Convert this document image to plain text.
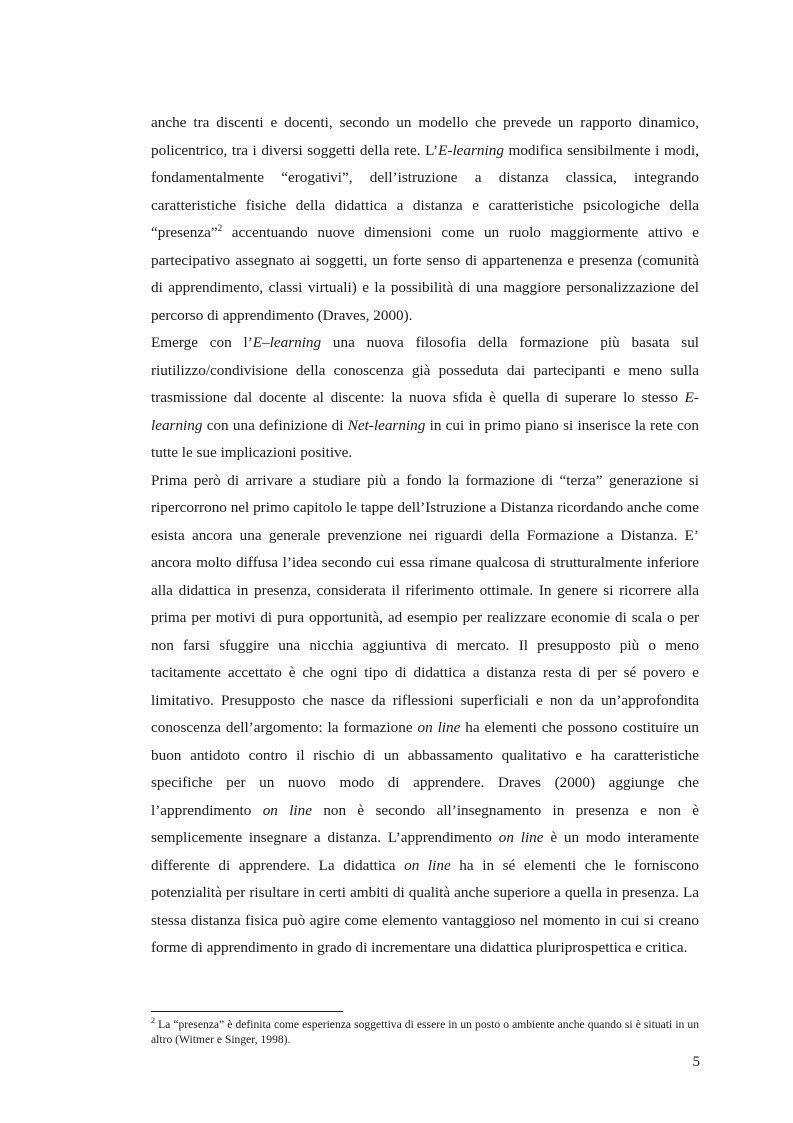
anche tra discenti e docenti, secondo un modello che prevede un rapporto dinamico, policentrico, tra i diversi soggetti della rete. L’E-learning modifica sensibilmente i modi, fondamentalmente “erogativi”, dell’istruzione a distanza classica, integrando caratteristiche fisiche della didattica a distanza e caratteristiche psicologiche della “presenza”$^2$ accentuando nuove dimensioni come un ruolo maggiormente attivo e partecipativo assegnato ai soggetti, un forte senso di appartenenza e presenza (comunità di apprendimento, classi virtuali) e la possibilità di una maggiore personalizzazione del percorso di apprendimento (Draves, 2000).

Emerge con l’E–learning una nuova filosofia della formazione più basata sul riutilizzo/condivisione della conoscenza già posseduta dai partecipanti e meno sulla trasmissione dal docente al discente: la nuova sfida è quella di superare lo stesso E-learning con una definizione di Net-learning in cui in primo piano si inserisce la rete con tutte le sue implicazioni positive.

Prima però di arrivare a studiare più a fondo la formazione di “terza” generazione si ripercorrono nel primo capitolo le tappe dell’Istruzione a Distanza ricordando anche come esista ancora una generale prevenzione nei riguardi della Formazione a Distanza. E’ ancora molto diffusa l’idea secondo cui essa rimane qualcosa di strutturalmente inferiore alla didattica in presenza, considerata il riferimento ottimale. In genere si ricorrere alla prima per motivi di pura opportunità, ad esempio per realizzare economie di scala o per non farsi sfuggire una nicchia aggiuntiva di mercato. Il presupposto più o meno tacitamente accettato è che ogni tipo di didattica a distanza resta di per sé povero e limitativo. Presupposto che nasce da riflessioni superficiali e non da un’approfondita conoscenza dell’argomento: la formazione on line ha elementi che possono costituire un buon antidoto contro il rischio di un abbassamento qualitativo e ha caratteristiche specifiche per un nuovo modo di apprendere. Draves (2000) aggiunge che l’apprendimento on line non è secondo all’insegnamento in presenza e non è semplicemente insegnare a distanza. L’apprendimento on line è un modo interamente differente di apprendere. La didattica on line ha in sé elementi che le forniscono potenzialità per risultare in certi ambiti di qualità anche superiore a quella in presenza. La stessa distanza fisica può agire come elemento vantaggioso nel momento in cui si creano forme di apprendimento in grado di incrementare una didattica pluriprospettica e critica.

$^2$ La “presenza” è definita come esperienza soggettiva di essere in un posto o ambiente anche quando si è situati in un altro (Witmer e Singer, 1998).
5
